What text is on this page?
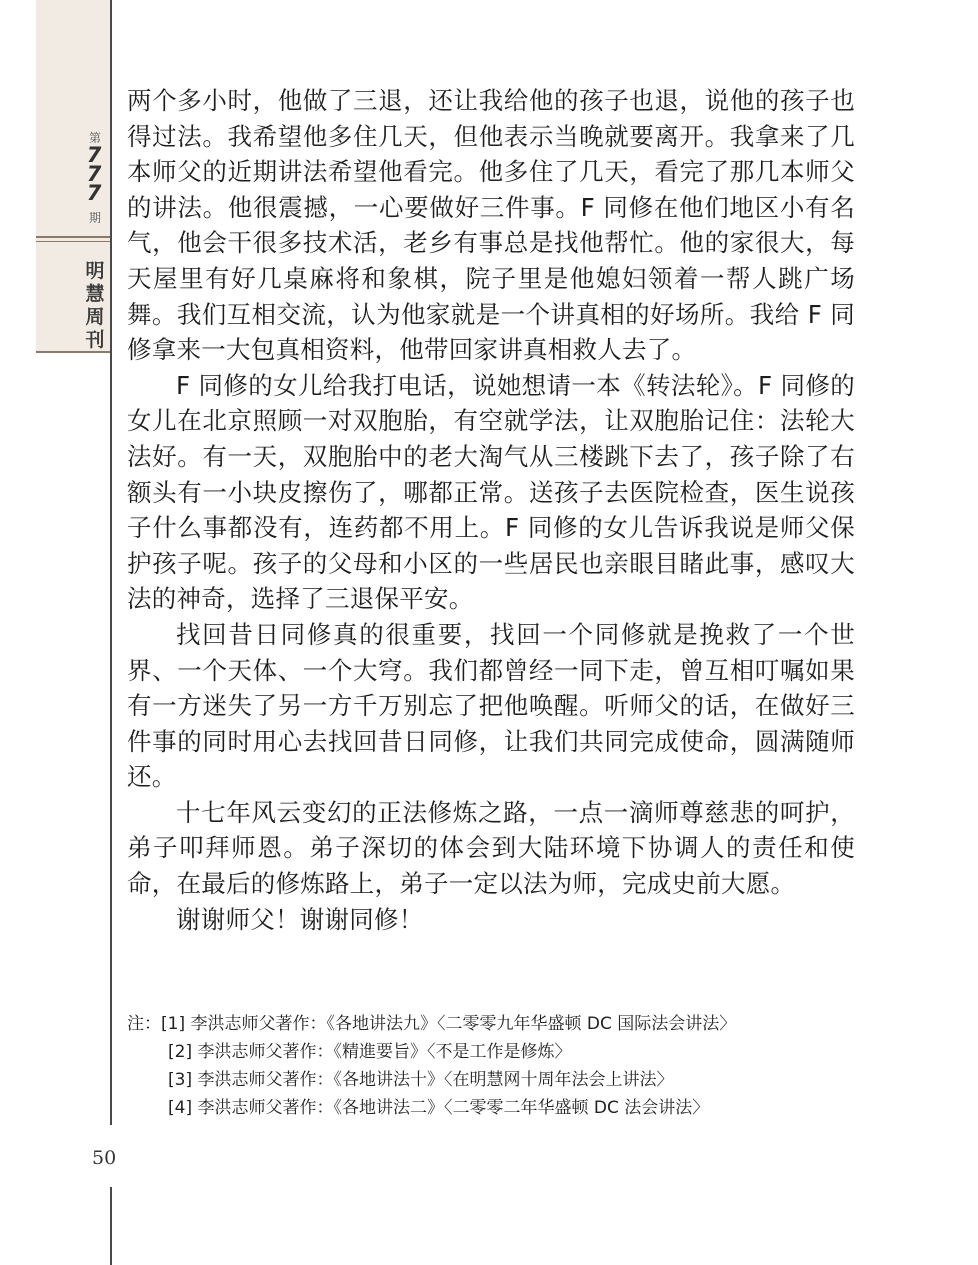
第
7
7
7
期
明
慧
周
刊
50

两个多小时，他做了三退，还让我给他的孩子也退，说他的孩子也得过法。我希望他多住几天，但他表示当晚就要离开。我拿来了几本师父的近期讲法希望他看完。他多住了几天，看完了那几本师父的讲法。他很震撼，一心要做好三件事。F 同修在他们地区小有名气，他会干很多技术活，老乡有事总是找他帮忙。他的家很大，每天屋里有好几桌麻将和象棋，院子里是他媳妇领着一帮人跳广场舞。我们互相交流，认为他家就是一个讲真相的好场所。我给 F 同修拿来一大包真相资料，他带回家讲真相救人去了。

F 同修的女儿给我打电话，说她想请一本《转法轮》。F 同修的女儿在北京照顾一对双胞胎，有空就学法，让双胞胎记住：法轮大法好。有一天，双胞胎中的老大淘气从三楼跳下去了，孩子除了右额头有一小块皮擦伤了，哪都正常。送孩子去医院检查，医生说孩子什么事都没有，连药都不用上。F 同修的女儿告诉我说是师父保护孩子呢。孩子的父母和小区的一些居民也亲眼目睹此事，感叹大法的神奇，选择了三退保平安。

找回昔日同修真的很重要，找回一个同修就是挽救了一个世界、一个天体、一个大穹。我们都曾经一同下走，曾互相叮嘱如果有一方迷失了另一方千万别忘了把他唤醒。听师父的话，在做好三件事的同时用心去找回昔日同修，让我们共同完成使命，圆满随师还。

十七年风云变幻的正法修炼之路，一点一滴师尊慈悲的呵护，弟子叩拜师恩。弟子深切的体会到大陆环境下协调人的责任和使命，在最后的修炼路上，弟子一定以法为师，完成史前大愿。

谢谢师父！谢谢同修！

注：[1] 李洪志师父著作：《各地讲法九》〈二零零九年华盛顿 DC 国际法会讲法〉
[2] 李洪志师父著作：《精進要旨》〈不是工作是修炼〉
[3] 李洪志师父著作：《各地讲法十》〈在明慧网十周年法会上讲法〉
[4] 李洪志师父著作：《各地讲法二》〈二零零二年华盛顿 DC 法会讲法〉
